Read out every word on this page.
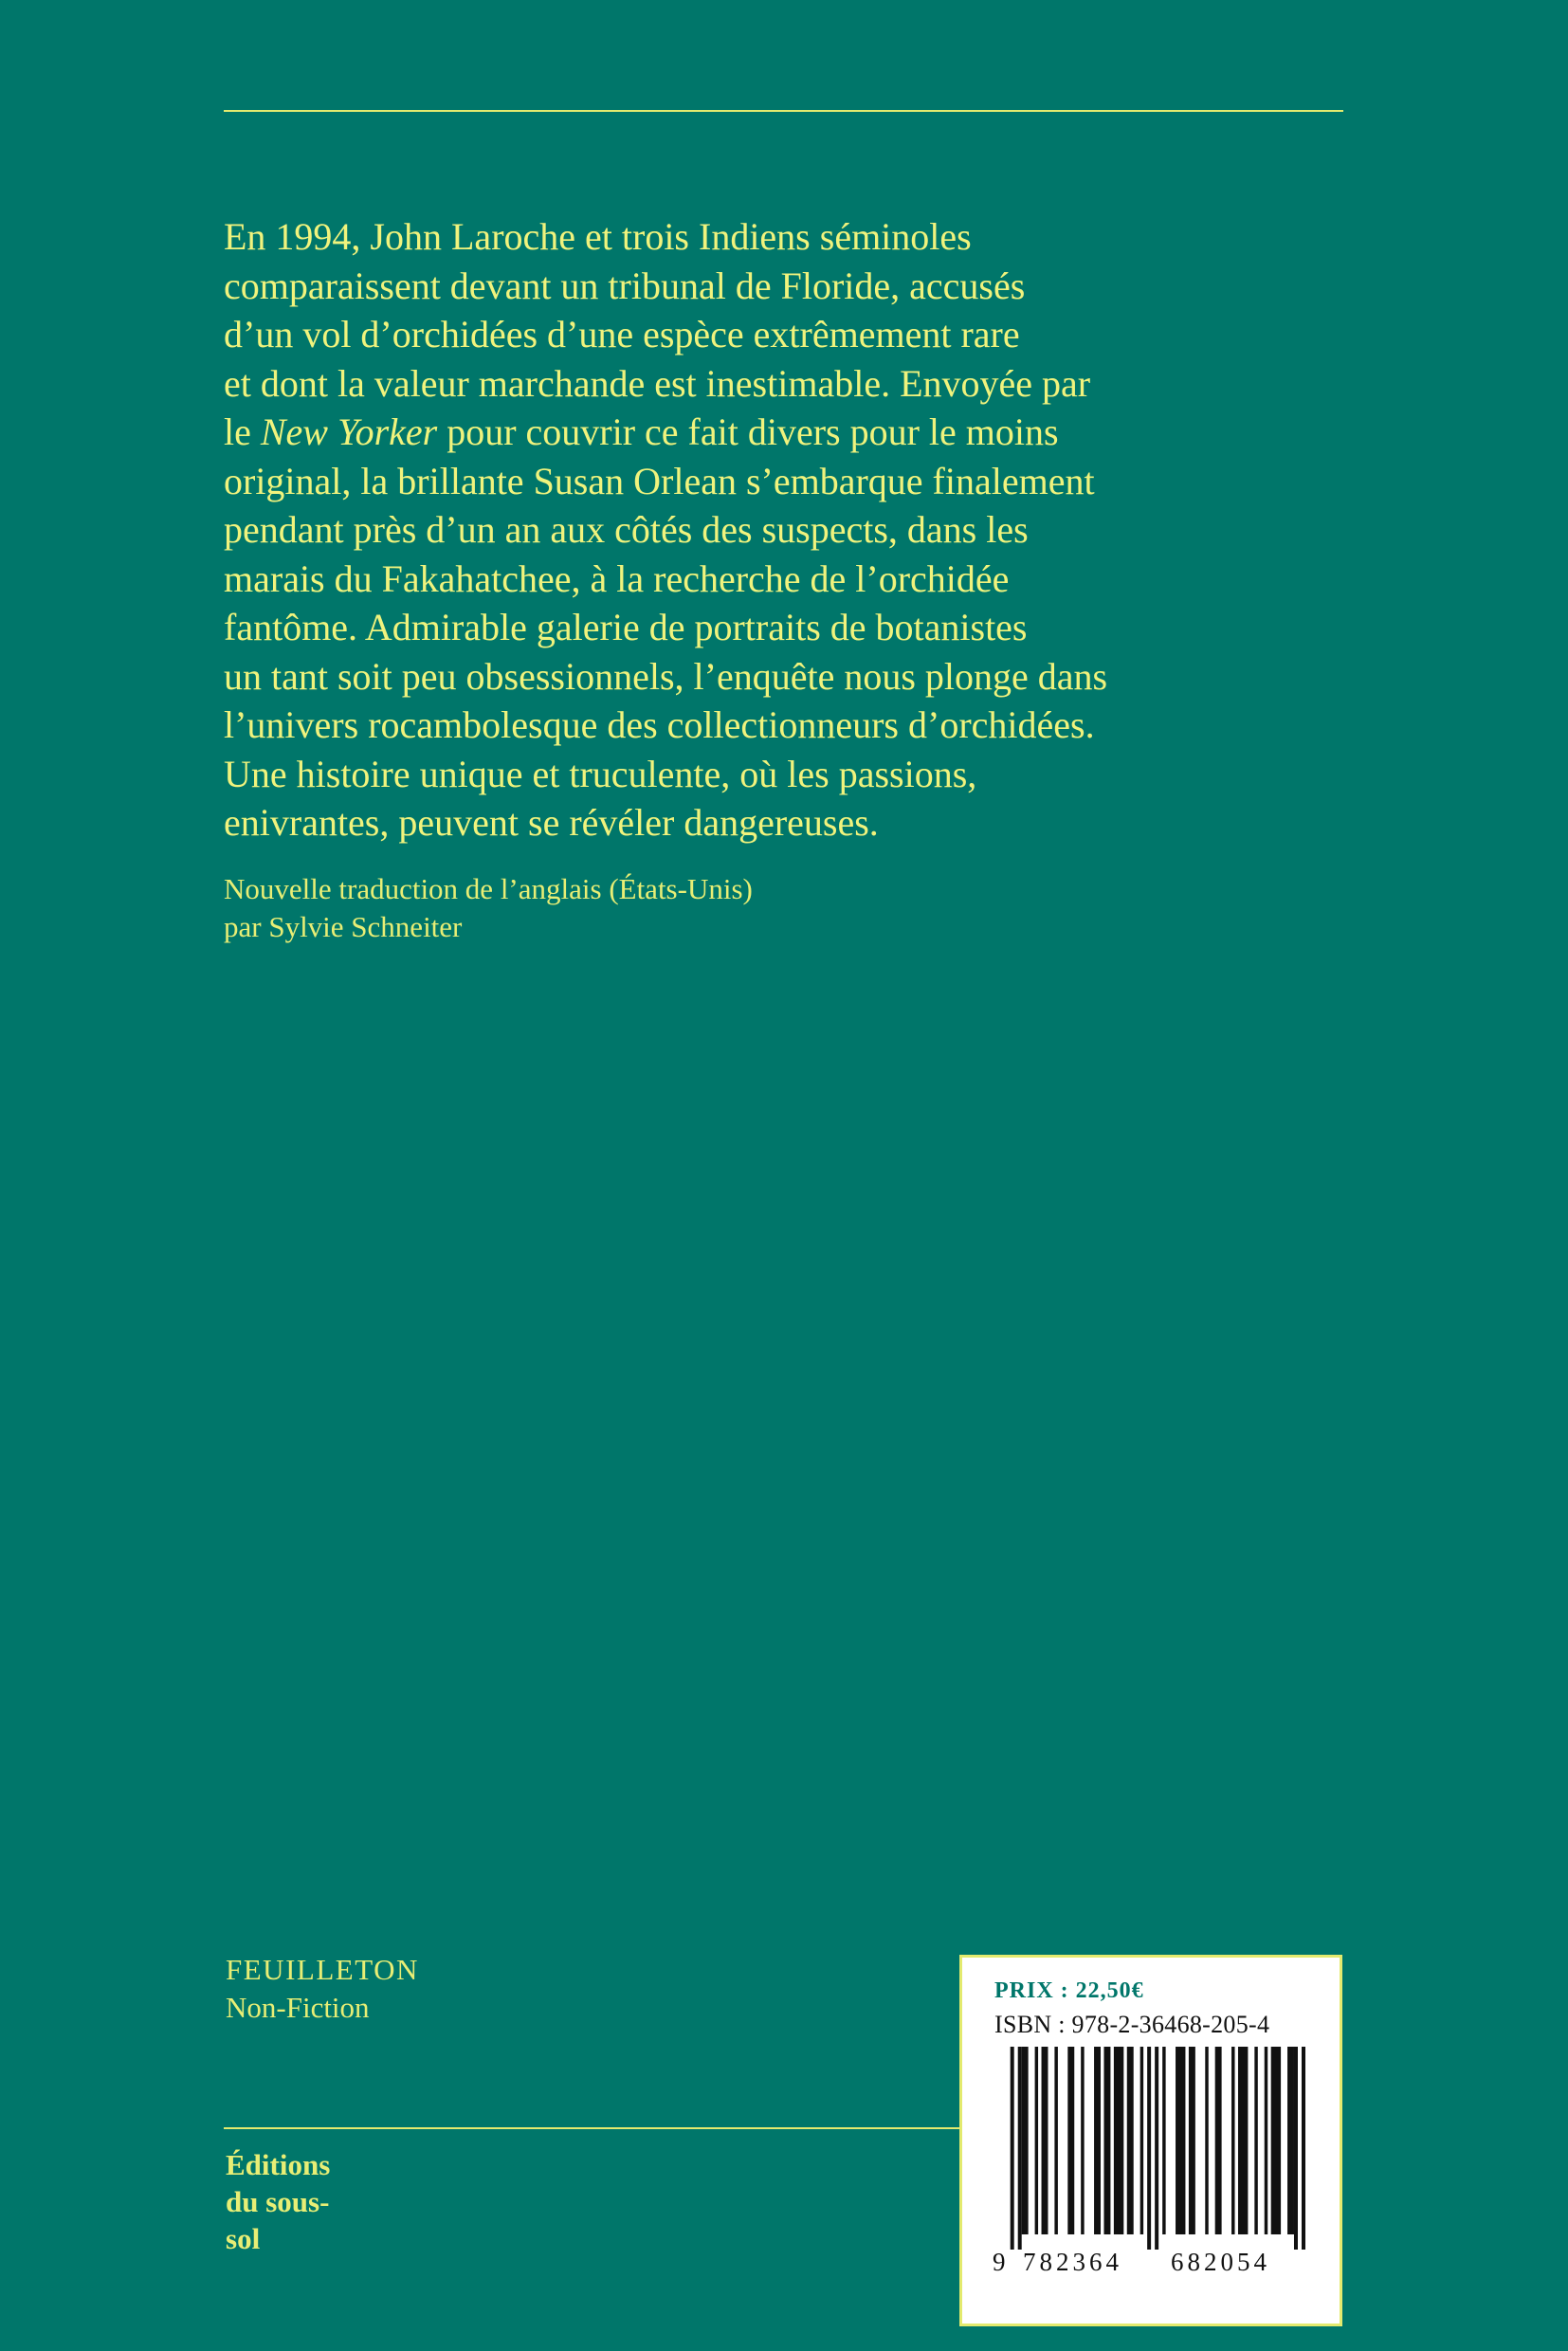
En 1994, John Laroche et trois Indiens séminoles
comparaissent devant un tribunal de Floride, accusés
d’un vol d’orchidées d’une espèce extrêmement rare
et dont la valeur marchande est inestimable. Envoyée par
le New Yorker pour couvrir ce fait divers pour le moins
original, la brillante Susan Orlean s’embarque finalement
pendant près d’un an aux côtés des suspects, dans les
marais du Fakahatchee, à la recherche de l’orchidée
fantôme. Admirable galerie de portraits de botanistes
un tant soit peu obsessionnels, l’enquête nous plonge dans
l’univers rocambolesque des collectionneurs d’orchidées.
Une histoire unique et truculente, où les passions,
enivrantes, peuvent se révéler dangereuses.
Nouvelle traduction de l’anglais (États-Unis)
par Sylvie Schneiter
FEUILLETON
Non-Fiction
Éditions
du sous-
sol
PRIX : 22,50€
ISBN : 978-2-36468-205-4
9 782364	682054
